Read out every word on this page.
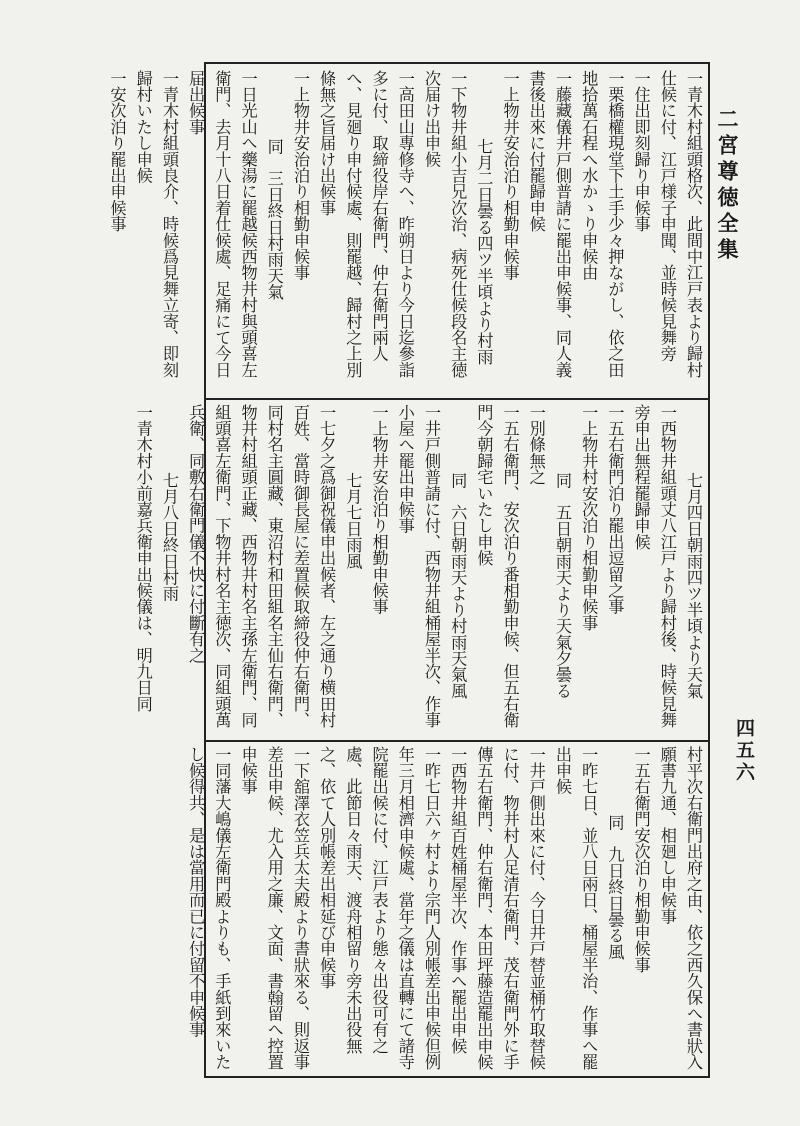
二宮尊徳全集
四五六
一 青木村組頭格次、此間中江戸表より歸村仕候に付、江戸様子申聞、並時候見舞旁
一 住出即刻歸り申候事
一 栗橋權現堂下土手少々押ながし、依之田地拾萬石程へ水かゝり申候由
一 藤藏儀井戸側普請に罷出申候事、同人義書後出來に付罷歸申候
一 上物井安治泊り相勤申候事
七月二日曇る四ツ半頃より村雨
一 下物井組小吉兄次治、病死仕候段名主徳次届け出申候
一 高田山專修寺へ、昨朔日より今日迄參詣多に付、取締役岸右衛門、仲右衛門兩人へ、見廻り申付候處、則罷越、歸村之上別條無之旨届け出候事
一 上物井安治泊り相勤申候事
同　三日終日村雨天氣
一 日光山へ藥湯に罷越候西物井村與頭喜左衛門、去月十八日着仕候處、足痛にて今日届出候事
一 青木村組頭良介、時候爲見舞立寄、即刻歸村いたし申候
一 安次泊り罷出申候事
七月四日朝雨四ツ半頃より天氣
一 西物井組頭丈八江戸より歸村後、時候見舞旁申出無程罷歸申候
一 五右衛門泊り罷出逗留之事
一 上物井村安次泊り相勤申候事
同　五日朝雨天より天氣夕曇る
一 別條無之
一 五右衛門、安次泊り番相勤申候、但五右衛門今朝歸宅いたし申候
同　六日朝雨天より村雨天氣風
一 井戸側普請に付、西物井組桶屋半次、作事小屋へ罷出申候事
一 上物井安治泊り相勤申候事
七月七日雨風
一 七夕之爲御祝儀申出候者、左之通り横田村百姓、當時御長屋に差置候取締役仲右衛門、同村名主圓藏、東沼村和田組名主仙右衛門、物井村組頭正藏、西物井村名主孫左衛門、同組頭喜左衛門、下物井村名主徳次、同組頭萬兵衛、同敷右衛門儀不快に付斷有之
七月八日終日村雨
一 青木村小前嘉兵衛申出候儀は、明九日同
村平次右衛門出府之由、依之西久保へ書狀入願書九通、相廻し申候事
一 五右衛門安次泊り相勤申候事
同　九日終日曇る風
一 昨七日、並八日兩日、桶屋半治、作事へ罷出申候
一 井戸側出來に付、今日井戸替並桶竹取替候に付、物井村人足清右衛門、茂右衛門外に手傳五右衛門、仲右衛門、本田坪藤造罷出申候
一 西物井組百姓桶屋半次、作事へ罷出申候
一 昨七日六ヶ村より宗門人別帳差出申候但例年三月相濟申候處、當年之儀は直轉にて諸寺院罷出候に付、江戸表より態々出役可有之處、此節日々雨天、渡舟相留り旁未出役無之、依て人別帳差出相延び申候事
一 下舘澤衣笠兵太夫殿より書狀來る、則返事差出申候、尤入用之廉、文面、書翰留へ控置申候事
一 同藩大嶋儀左衛門殿よりも、手紙到來いたし候得共、是は當用而已に付留不申候事
